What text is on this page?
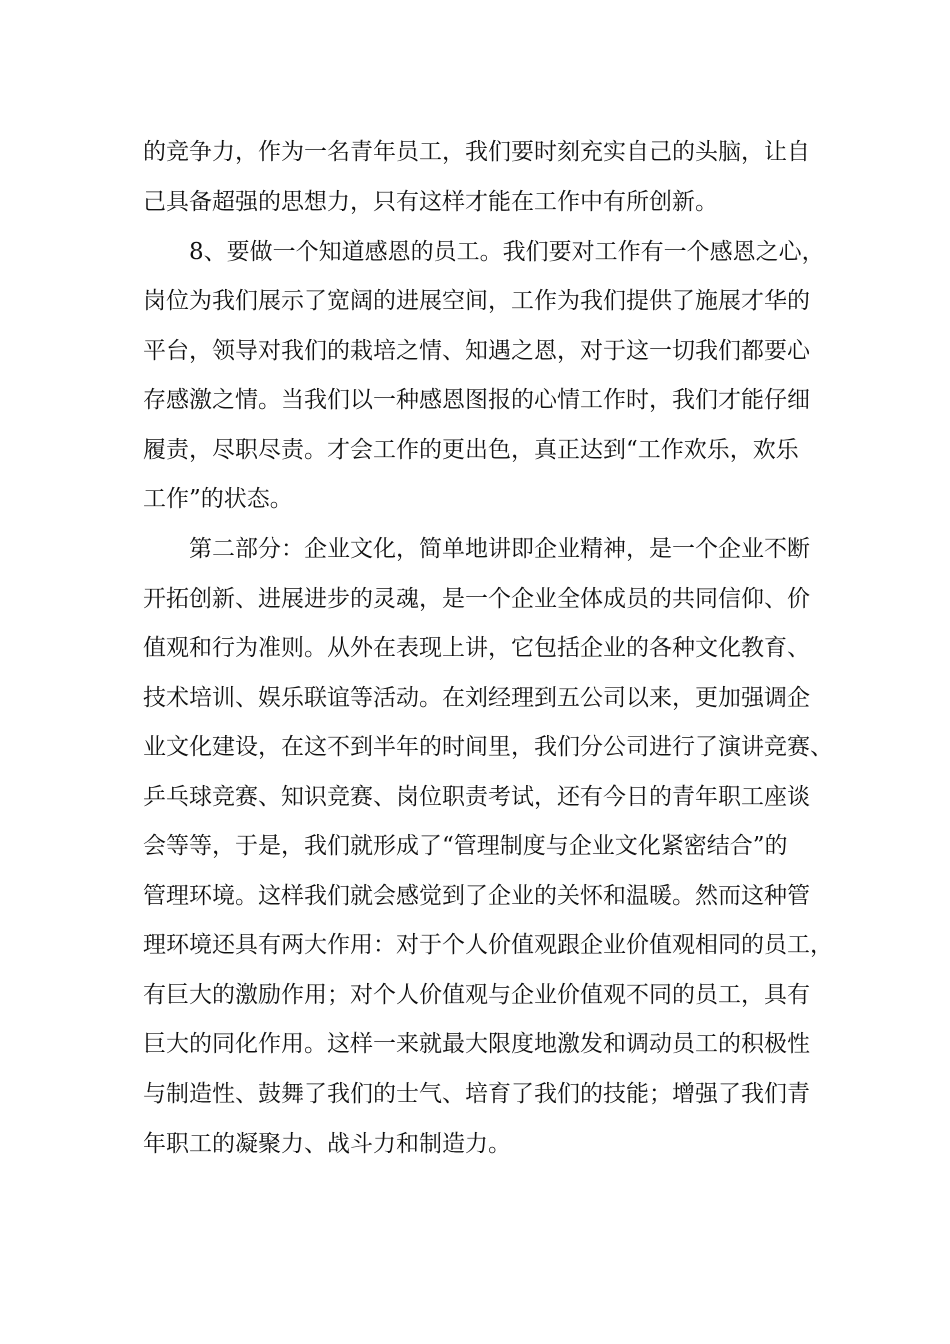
的竞争力，作为一名青年员工，我们要时刻充实自己的头脑，让自

己具备超强的思想力，只有这样才能在工作中有所创新。

8、要做一个知道感恩的员工。我们要对工作有一个感恩之心，

岗位为我们展示了宽阔的进展空间，工作为我们提供了施展才华的

平台，领导对我们的栽培之情、知遇之恩，对于这一切我们都要心

存感激之情。当我们以一种感恩图报的心情工作时，我们才能仔细

履责，尽职尽责。才会工作的更出色，真正达到“工作欢乐，欢乐

工作”的状态。

第二部分：企业文化，简单地讲即企业精神，是一个企业不断

开拓创新、进展进步的灵魂，是一个企业全体成员的共同信仰、价

值观和行为准则。从外在表现上讲，它包括企业的各种文化教育、

技术培训、娱乐联谊等活动。在刘经理到五公司以来，更加强调企

业文化建设，在这不到半年的时间里，我们分公司进行了演讲竞赛、

乒乓球竞赛、知识竞赛、岗位职责考试，还有今日的青年职工座谈

会等等，于是，我们就形成了“管理制度与企业文化紧密结合”的

管理环境。这样我们就会感觉到了企业的关怀和温暖。然而这种管

理环境还具有两大作用：对于个人价值观跟企业价值观相同的员工，

有巨大的激励作用；对个人价值观与企业价值观不同的员工，具有

巨大的同化作用。这样一来就最大限度地激发和调动员工的积极性

与制造性、鼓舞了我们的士气、培育了我们的技能；增强了我们青

年职工的凝聚力、战斗力和制造力。
